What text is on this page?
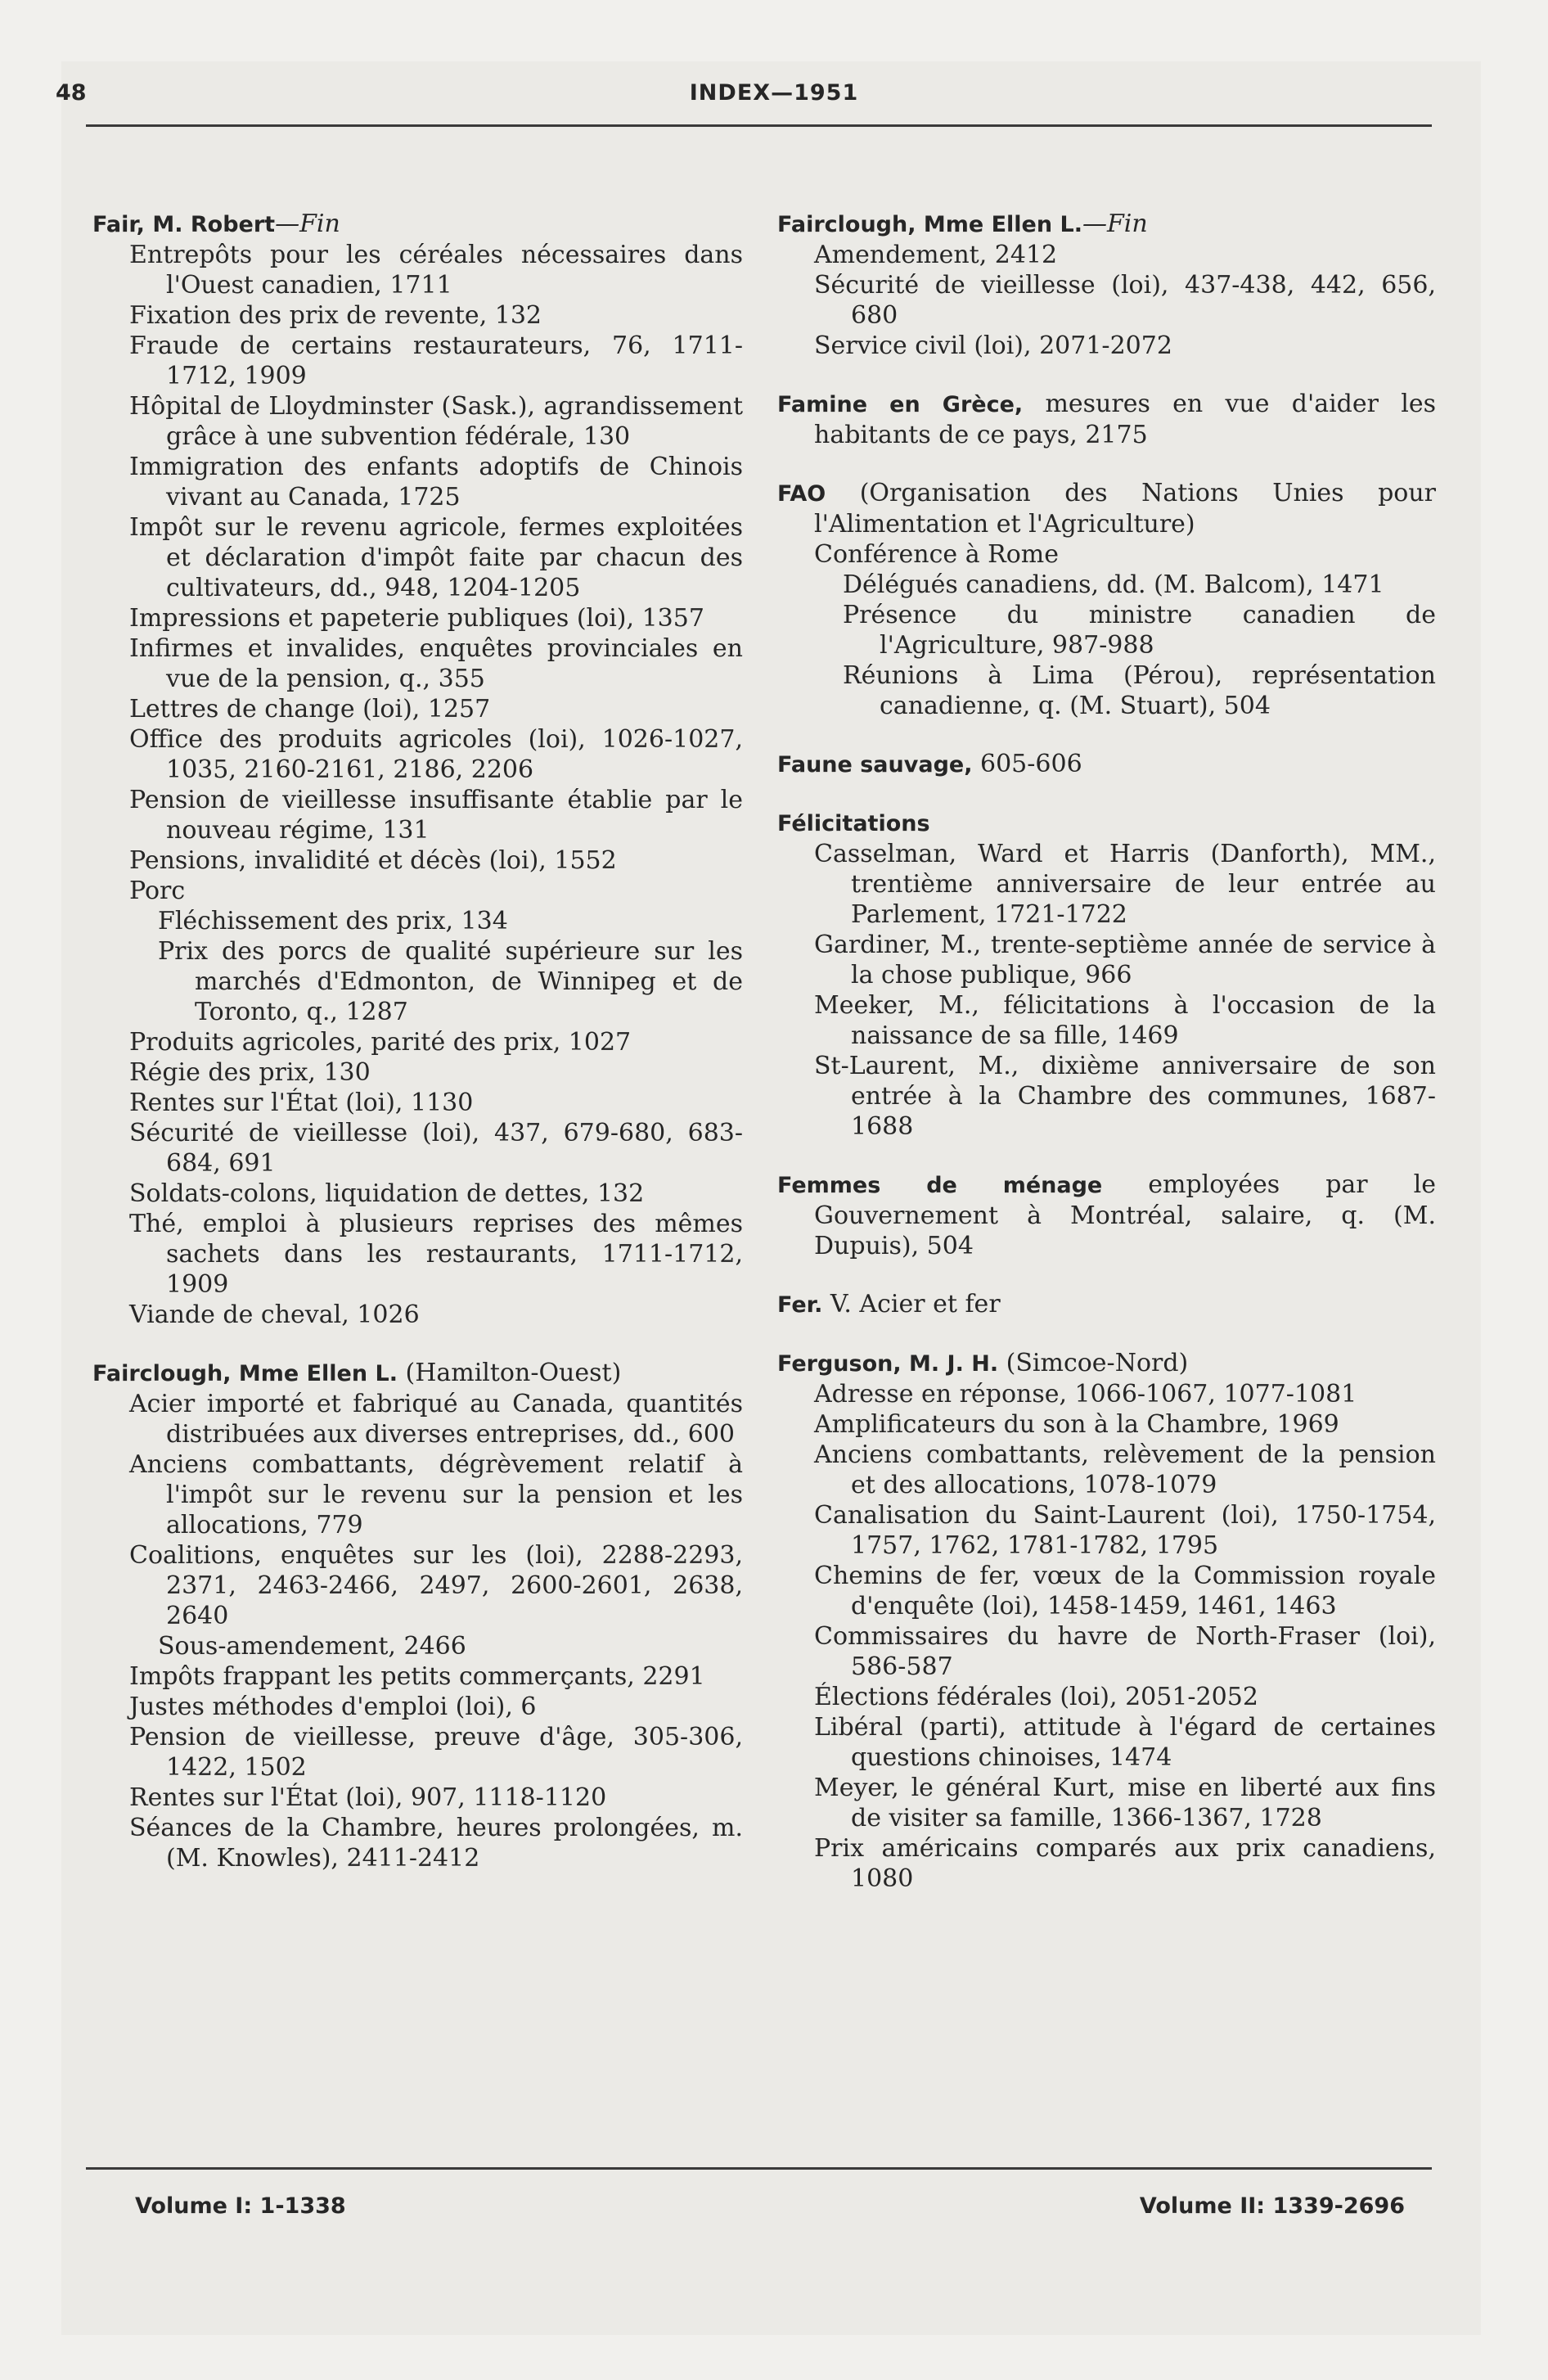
48	INDEX—1951
Fair, M. Robert—Fin
Entrepôts pour les céréales nécessaires dans l'Ouest canadien, 1711
Fixation des prix de revente, 132
Fraude de certains restaurateurs, 76, 1711-1712, 1909
Hôpital de Lloydminster (Sask.), agrandissement grâce à une subvention fédérale, 130
Immigration des enfants adoptifs de Chinois vivant au Canada, 1725
Impôt sur le revenu agricole, fermes exploitées et déclaration d'impôt faite par chacun des cultivateurs, dd., 948, 1204-1205
Impressions et papeterie publiques (loi), 1357
Infirmes et invalides, enquêtes provinciales en vue de la pension, q., 355
Lettres de change (loi), 1257
Office des produits agricoles (loi), 1026-1027, 1035, 2160-2161, 2186, 2206
Pension de vieillesse insuffisante établie par le nouveau régime, 131
Pensions, invalidité et décès (loi), 1552
Porc
Fléchissement des prix, 134
Prix des porcs de qualité supérieure sur les marchés d'Edmonton, de Winnipeg et de Toronto, q., 1287
Produits agricoles, parité des prix, 1027
Régie des prix, 130
Rentes sur l'État (loi), 1130
Sécurité de vieillesse (loi), 437, 679-680, 683-684, 691
Soldats-colons, liquidation de dettes, 132
Thé, emploi à plusieurs reprises des mêmes sachets dans les restaurants, 1711-1712, 1909
Viande de cheval, 1026
Fairclough, Mme Ellen L. (Hamilton-Ouest)
Acier importé et fabriqué au Canada, quantités distribuées aux diverses entreprises, dd., 600
Anciens combattants, dégrèvement relatif à l'impôt sur le revenu sur la pension et les allocations, 779
Coalitions, enquêtes sur les (loi), 2288-2293, 2371, 2463-2466, 2497, 2600-2601, 2638, 2640
Sous-amendement, 2466
Impôts frappant les petits commerçants, 2291
Justes méthodes d'emploi (loi), 6
Pension de vieillesse, preuve d'âge, 305-306, 1422, 1502
Rentes sur l'État (loi), 907, 1118-1120
Séances de la Chambre, heures prolongées, m. (M. Knowles), 2411-2412
Fairclough, Mme Ellen L.—Fin
Amendement, 2412
Sécurité de vieillesse (loi), 437-438, 442, 656, 680
Service civil (loi), 2071-2072
Famine en Grèce, mesures en vue d'aider les habitants de ce pays, 2175
FAO (Organisation des Nations Unies pour l'Alimentation et l'Agriculture)
Conférence à Rome
Délégués canadiens, dd. (M. Balcom), 1471
Présence du ministre canadien de l'Agriculture, 987-988
Réunions à Lima (Pérou), représentation canadienne, q. (M. Stuart), 504
Faune sauvage, 605-606
Félicitations
Casselman, Ward et Harris (Danforth), MM., trentième anniversaire de leur entrée au Parlement, 1721-1722
Gardiner, M., trente-septième année de service à la chose publique, 966
Meeker, M., félicitations à l'occasion de la naissance de sa fille, 1469
St-Laurent, M., dixième anniversaire de son entrée à la Chambre des communes, 1687-1688
Femmes de ménage employées par le Gouvernement à Montréal, salaire, q. (M. Dupuis), 504
Fer. V. Acier et fer
Ferguson, M. J. H. (Simcoe-Nord)
Adresse en réponse, 1066-1067, 1077-1081
Amplificateurs du son à la Chambre, 1969
Anciens combattants, relèvement de la pension et des allocations, 1078-1079
Canalisation du Saint-Laurent (loi), 1750-1754, 1757, 1762, 1781-1782, 1795
Chemins de fer, vœux de la Commission royale d'enquête (loi), 1458-1459, 1461, 1463
Commissaires du havre de North-Fraser (loi), 586-587
Élections fédérales (loi), 2051-2052
Libéral (parti), attitude à l'égard de certaines questions chinoises, 1474
Meyer, le général Kurt, mise en liberté aux fins de visiter sa famille, 1366-1367, 1728
Prix américains comparés aux prix canadiens, 1080
Volume I: 1-1338	Volume II: 1339-2696
